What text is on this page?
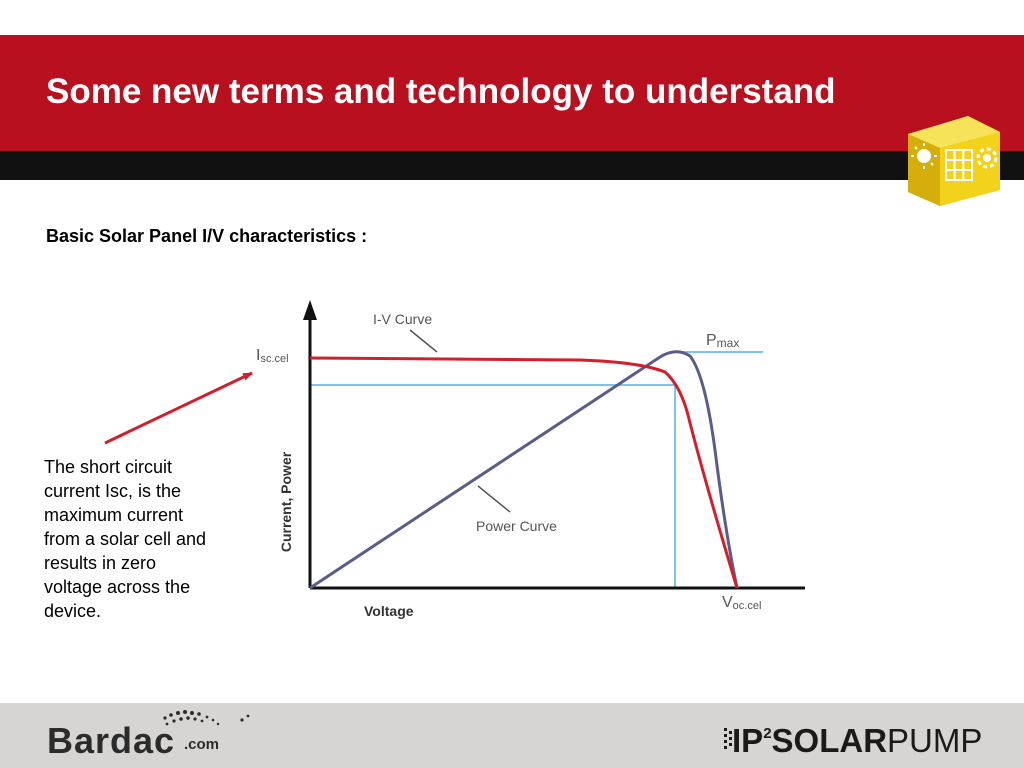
Some new terms and technology to understand
Basic Solar Panel I/V characteristics :
The short circuit current Isc, is the maximum current from a solar cell and results in zero voltage across the device.
I-V Curve
Power Curve
Pmax
Isc.cel
Voc.cel
Current, Power
Voltage
Bardac .com	$IP^2SOLARPUMP$
